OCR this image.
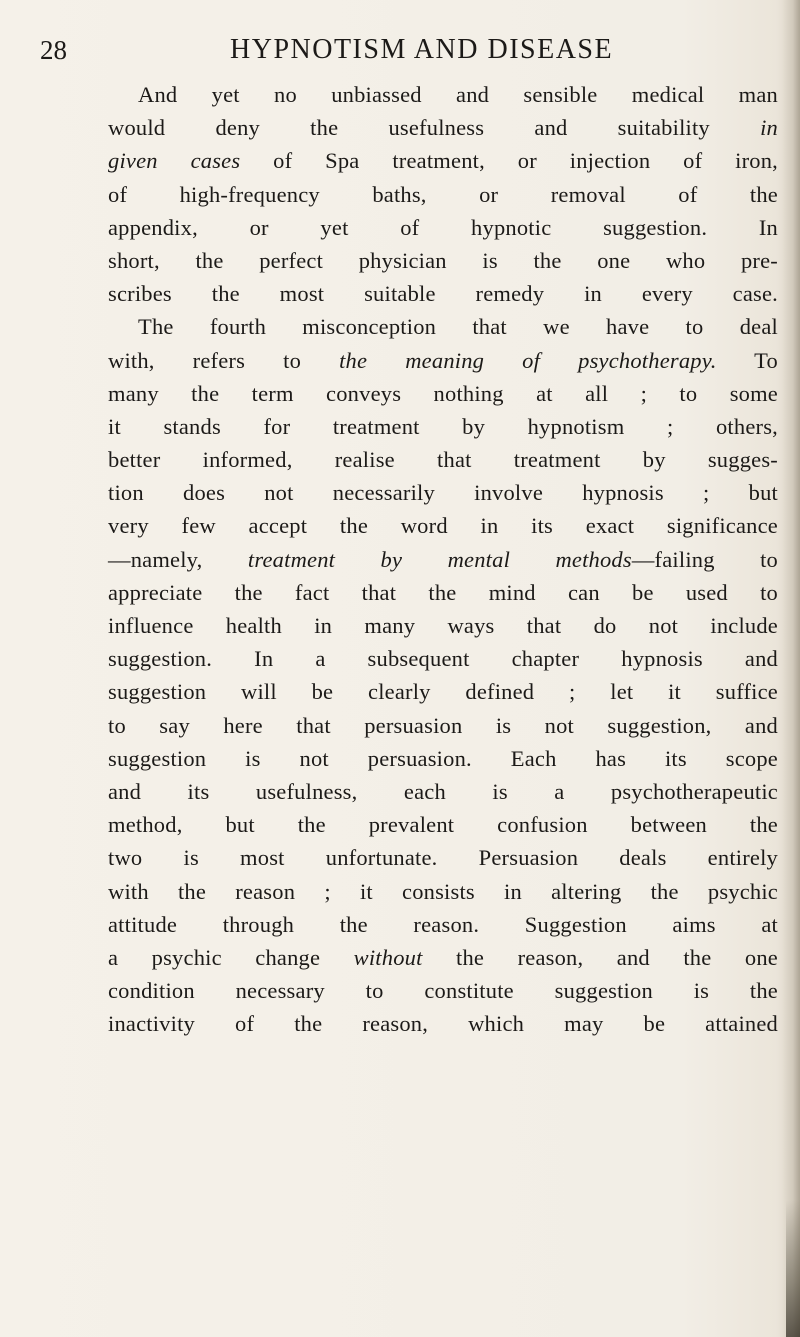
28	HYPNOTISM AND DISEASE
And yet no unbiassed and sensible medical man
would deny the usefulness and suitability in
given cases of Spa treatment, or injection of iron,
of high-frequency baths, or removal of the
appendix, or yet of hypnotic suggestion. In
short, the perfect physician is the one who pre-
scribes the most suitable remedy in every case.
The fourth misconception that we have to deal
with, refers to the meaning of psychotherapy. To
many the term conveys nothing at all ; to some
it stands for treatment by hypnotism ; others,
better informed, realise that treatment by sugges-
tion does not necessarily involve hypnosis ; but
very few accept the word in its exact significance
—namely, treatment by mental methods—failing to
appreciate the fact that the mind can be used to
influence health in many ways that do not include
suggestion. In a subsequent chapter hypnosis and
suggestion will be clearly defined ; let it suffice
to say here that persuasion is not suggestion, and
suggestion is not persuasion. Each has its scope
and its usefulness, each is a psychotherapeutic
method, but the prevalent confusion between the
two is most unfortunate. Persuasion deals entirely
with the reason ; it consists in altering the psychic
attitude through the reason. Suggestion aims at
a psychic change without the reason, and the one
condition necessary to constitute suggestion is the
inactivity of the reason, which may be attained
